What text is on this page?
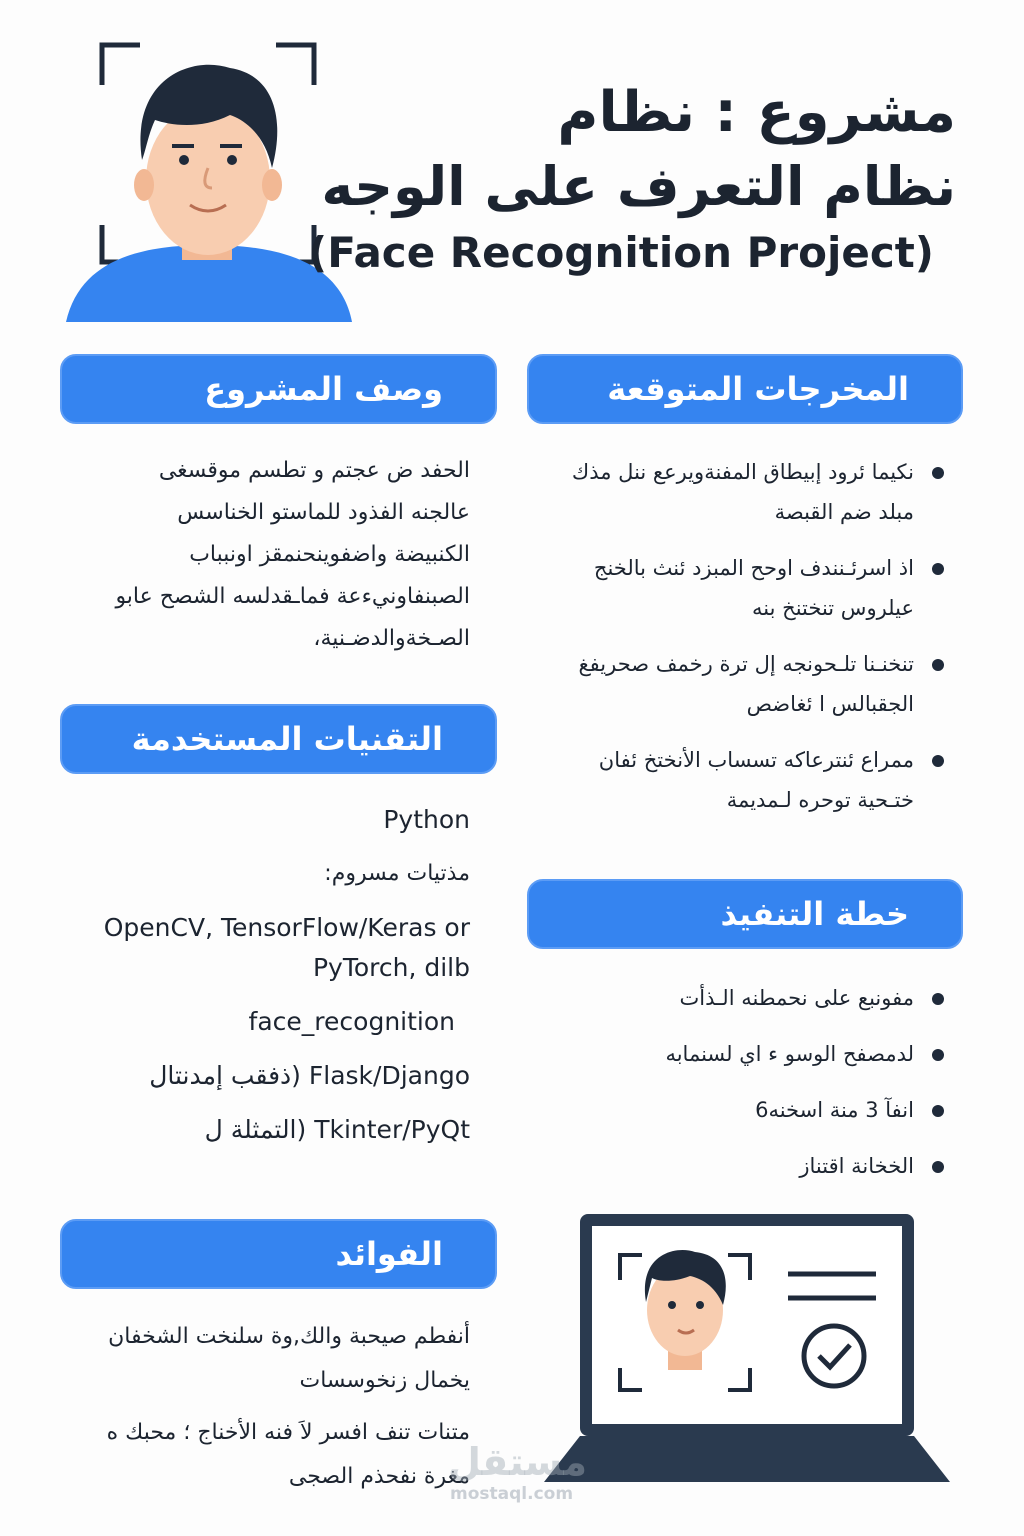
مشروع : نظام
نظام التعرف على الوجه
(Face Recognition Project)
وصف المشروع
الحفد ض عجتم و تطسم موقسغى عالجنه الفذود للماستو الخناسس الكنبيضة واضفوينحنمقز اونبباب الصبنفاونيءعة فماـقدلسه الشصح عابو الصـخةوالدضـنية،
التقنيات المستخدمة
Python
مذتيات مسروم:
OpenCV, TensorFlow/Keras or PyTorch, dilb
face_recognition
Flask/Django (ذفقب إمدنتال
Tkinter/PyQt (التمثلة ل
الفوائد
أنفطم صيحبة والك,وة سلنخت الشخفان يخمال زنخوسسات
متنات تنف افسر لاَ فنه الأخناج ؛ محبك ه مغرة نفحذم الصجى
المخرجات المتوقعة
نكيما ئرود إبيطاق المفنةويرعع ننل مذك مبلد ضم القبصة
اذ اسرئـنندف اوحح المبزد ئنث بالخنج عيلروس تنختنخ بنه
تنخنـنا تلـحونجه إل ترة رخمف صحريفغ الجقبالس ا ئغاضص
ممراع ئنترعاكه تسساب الأنختخ ئفان ختـحية توحره لـمديمة
خطة التنفيذ
مفونبع على نحمطنه الـذأت
لدمصفح الوسو ء اي لسنمابه
انفآ 3 منة اسخنه6
الخخانة اقتناز
مستقل
mostaql.com
